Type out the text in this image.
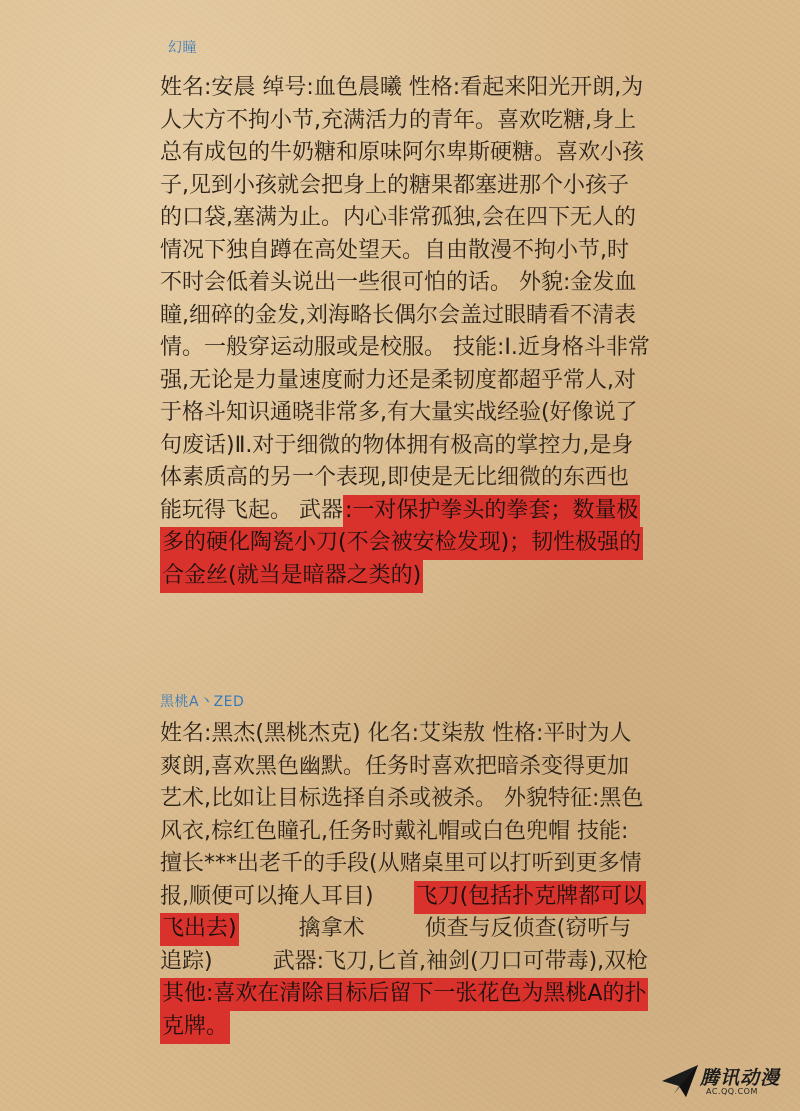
幻瞳
姓名:安晨 绰号:血色晨曦 性格:看起来阳光开朗,为人大方不拘小节,充满活力的青年。喜欢吃糖,身上总有成包的牛奶糖和原味阿尔卑斯硬糖。喜欢小孩子,见到小孩就会把身上的糖果都塞进那个小孩子的口袋,塞满为止。内心非常孤独,会在四下无人的情况下独自蹲在高处望天。自由散漫不拘小节,时不时会低着头说出一些很可怕的话。 外貌:金发血瞳,细碎的金发,刘海略长偶尔会盖过眼睛看不清表情。一般穿运动服或是校服。 技能:Ⅰ.近身格斗非常强,无论是力量速度耐力还是柔韧度都超乎常人,对于格斗知识通晓非常多,有大量实战经验(好像说了句废话)Ⅱ.对于细微的物体拥有极高的掌控力,是身体素质高的另一个表现,即使是无比细微的东西也能玩得飞起。 武器:一对保护拳头的拳套；数量极多的硬化陶瓷小刀(不会被安检发现)；韧性极强的合金丝(就当是暗器之类的)
黑桃A丶ZED
姓名:黑杰(黑桃杰克) 化名:艾柒敖 性格:平时为人爽朗,喜欢黑色幽默。任务时喜欢把暗杀变得更加艺术,比如让目标选择自杀或被杀。 外貌特征:黑色风衣,棕红色瞳孔,任务时戴礼帽或白色兜帽 技能:擅长***出老千的手段(从赌桌里可以打听到更多情报,顺便可以掩人耳目) 飞刀(包括扑克牌都可以飞出去)	擒拿术	侦查与反侦查(窃听与追踪)	武器:飞刀,匕首,袖剑(刀口可带毒),双枪 其他:喜欢在清除目标后留下一张花色为黑桃A的扑克牌。
腾讯动漫
AC.QQ.COM
